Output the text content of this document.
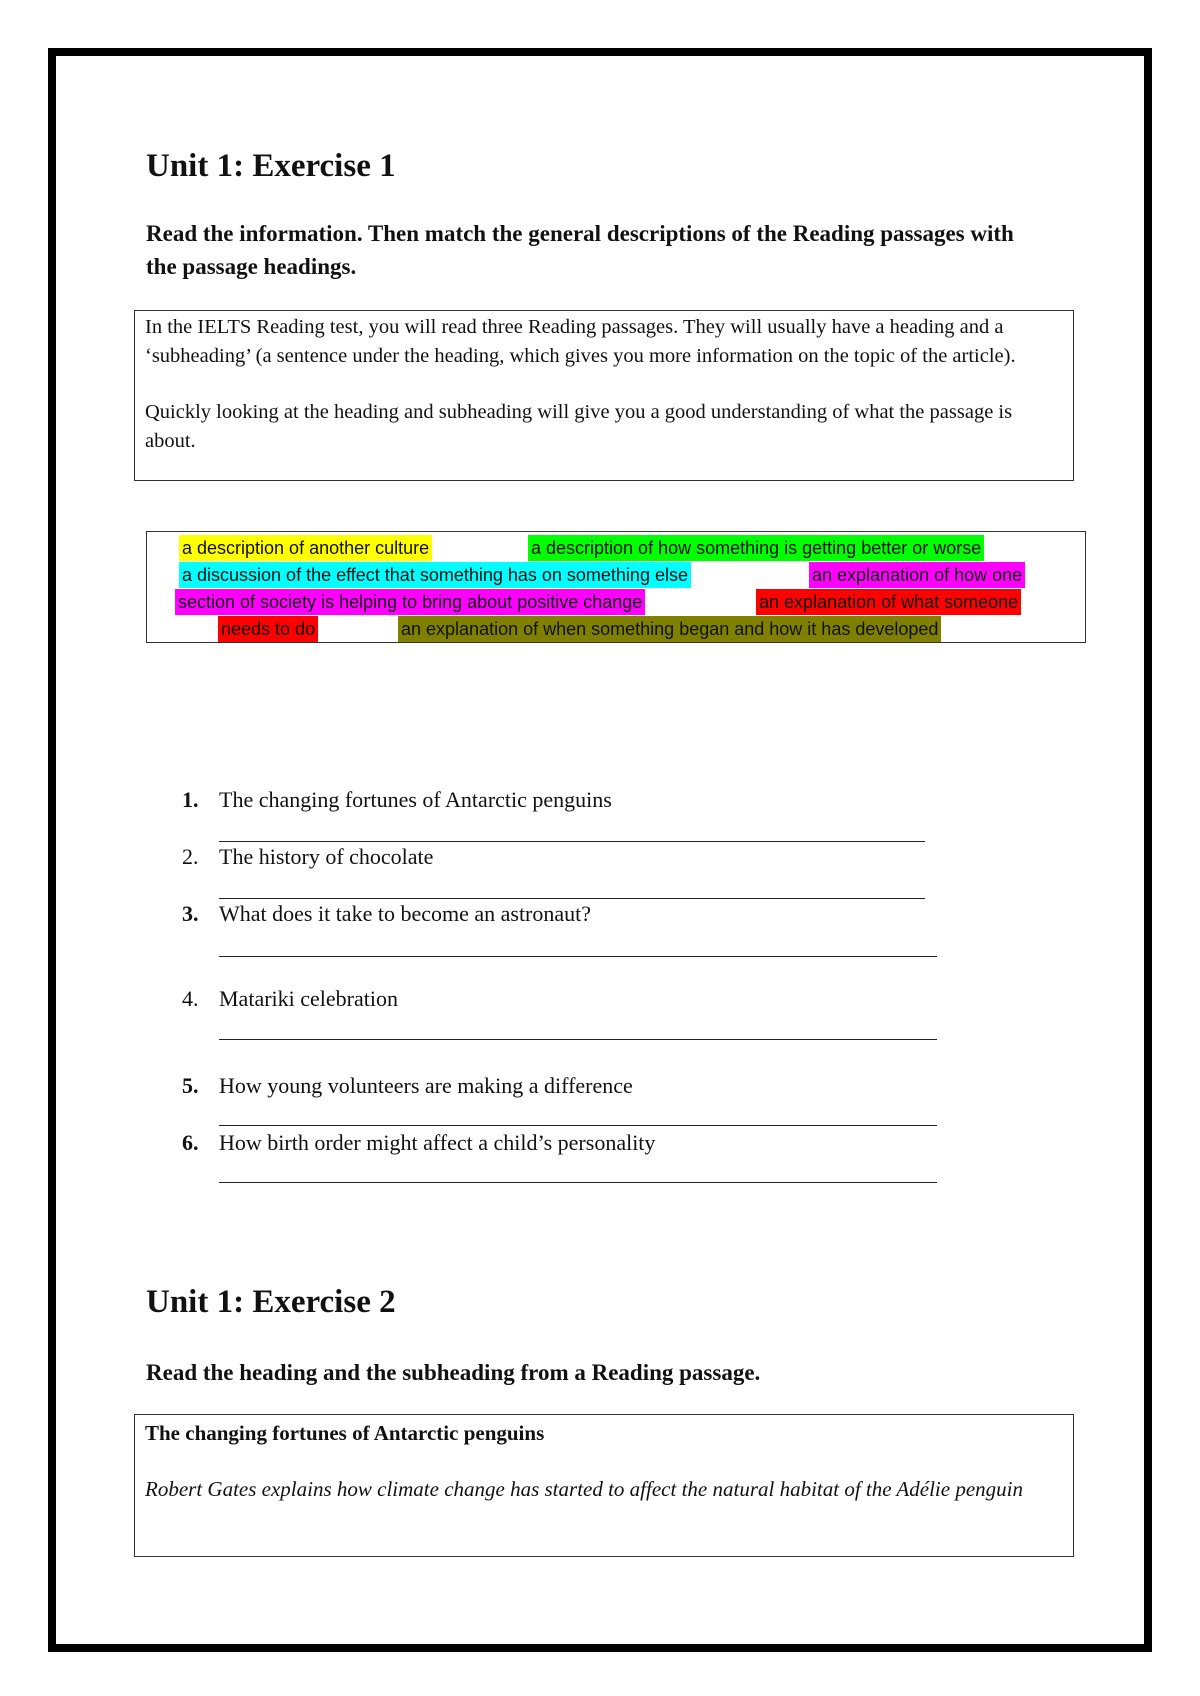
Unit 1: Exercise 1
Read the information. Then match the general descriptions of the Reading passages with the passage headings.

In the IELTS Reading test, you will read three Reading passages. They will usually have a heading and a ‘subheading’ (a sentence under the heading, which gives you more information on the topic of the article).

Quickly looking at the heading and subheading will give you a good understanding of what the passage is about.

a description of another culture	a description of how something is getting better or worse
a discussion of the effect that something has on something else	an explanation of how one
section of society is helping to bring about positive change	an explanation of what someone
needs to do	an explanation of when something began and how it has developed
1. The changing fortunes of Antarctic penguins
2. The history of chocolate
3. What does it take to become an astronaut?
4. Matariki celebration
5. How young volunteers are making a difference
6. How birth order might affect a child’s personality
Unit 1: Exercise 2
Read the heading and the subheading from a Reading passage.
The changing fortunes of Antarctic penguins
Robert Gates explains how climate change has started to affect the natural habitat of the Adélie penguin
